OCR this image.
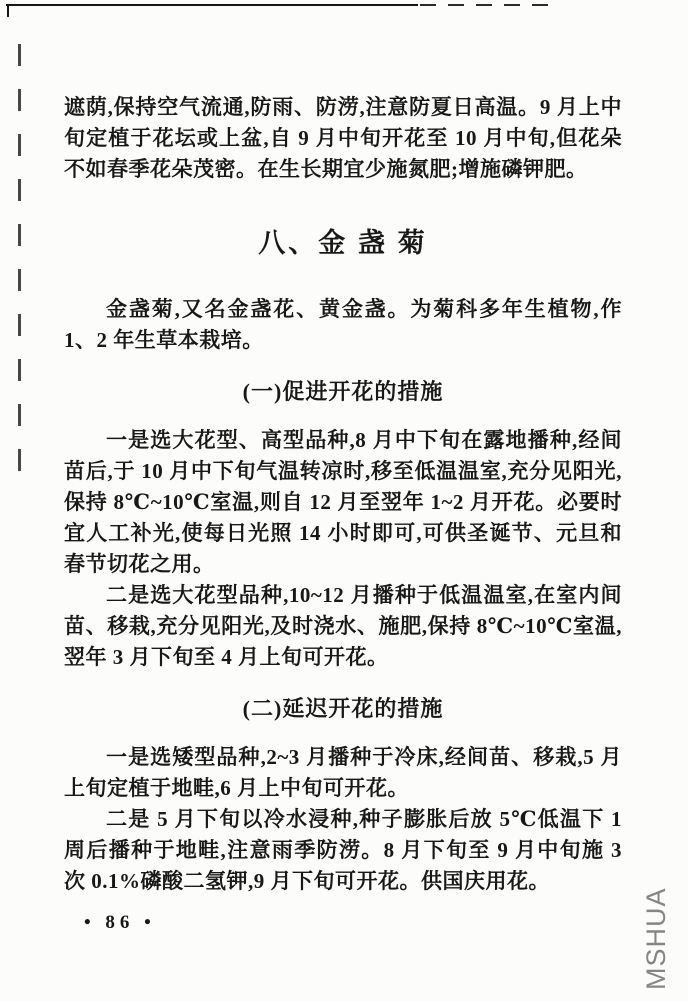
遮荫,保持空气流通,防雨、防涝,注意防夏日高温。9 月上中旬定植于花坛或上盆,自 9 月中旬开花至 10 月中旬,但花朵不如春季花朵茂密。在生长期宜少施氮肥;增施磷钾肥。

八、金 盏 菊

金盏菊,又名金盏花、黄金盏。为菊科多年生植物,作 1、2 年生草本栽培。

(一)促进开花的措施

一是选大花型、高型品种,8 月中下旬在露地播种,经间苗后,于 10 月中下旬气温转凉时,移至低温温室,充分见阳光,保持 8℃~10℃室温,则自 12 月至翌年 1~2 月开花。必要时宜人工补光,使每日光照 14 小时即可,可供圣诞节、元旦和春节切花之用。

二是选大花型品种,10~12 月播种于低温温室,在室内间苗、移栽,充分见阳光,及时浇水、施肥,保持 8℃~10℃室温,翌年 3 月下旬至 4 月上旬可开花。

(二)延迟开花的措施

一是选矮型品种,2~3 月播种于冷床,经间苗、移栽,5 月上旬定植于地畦,6 月上中旬可开花。

二是 5 月下旬以冷水浸种,种子膨胀后放 5℃低温下 1 周后播种于地畦,注意雨季防涝。8 月下旬至 9 月中旬施 3 次 0.1%磷酸二氢钾,9 月下旬可开花。供国庆用花。

• 86 •	MSHUA
